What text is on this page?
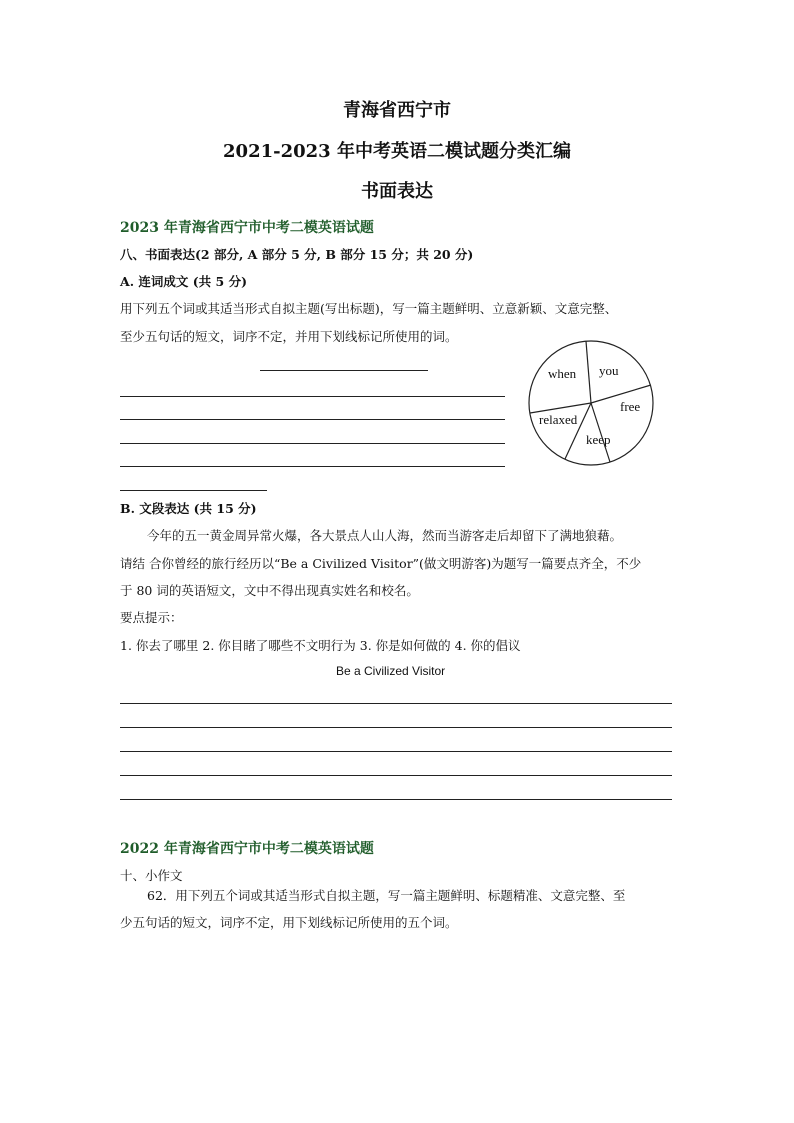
青海省西宁市
2021-2023 年中考英语二模试题分类汇编
书面表达
2023 年青海省西宁市中考二模英语试题
八、书面表达(2 部分, A 部分 5 分, B 部分 15 分；共 20 分)
A. 连词成文 (共 5 分)
用下列五个词或其适当形式自拟主题(写出标题)，写一篇主题鲜明、立意新颖、文意完整、
至少五句话的短文，词序不定，并用下划线标记所使用的词。
when you
free
keep
relaxed
B. 文段表达 (共 15 分)
今年的五一黄金周异常火爆，各大景点人山人海，然而当游客走后却留下了满地狼藉。
请结 合你曾经的旅行经历以“Be a Civilized Visitor”(做文明游客)为题写一篇要点齐全，不少
于 80 词的英语短文，文中不得出现真实姓名和校名。
要点提示：
1. 你去了哪里 2. 你目睹了哪些不文明行为 3. 你是如何做的 4. 你的倡议
Be a Civilized Visitor
2022 年青海省西宁市中考二模英语试题
十、小作文
62．用下列五个词或其适当形式自拟主题，写一篇主题鲜明、标题精准、文意完整、至
少五句话的短文，词序不定，用下划线标记所使用的五个词。
